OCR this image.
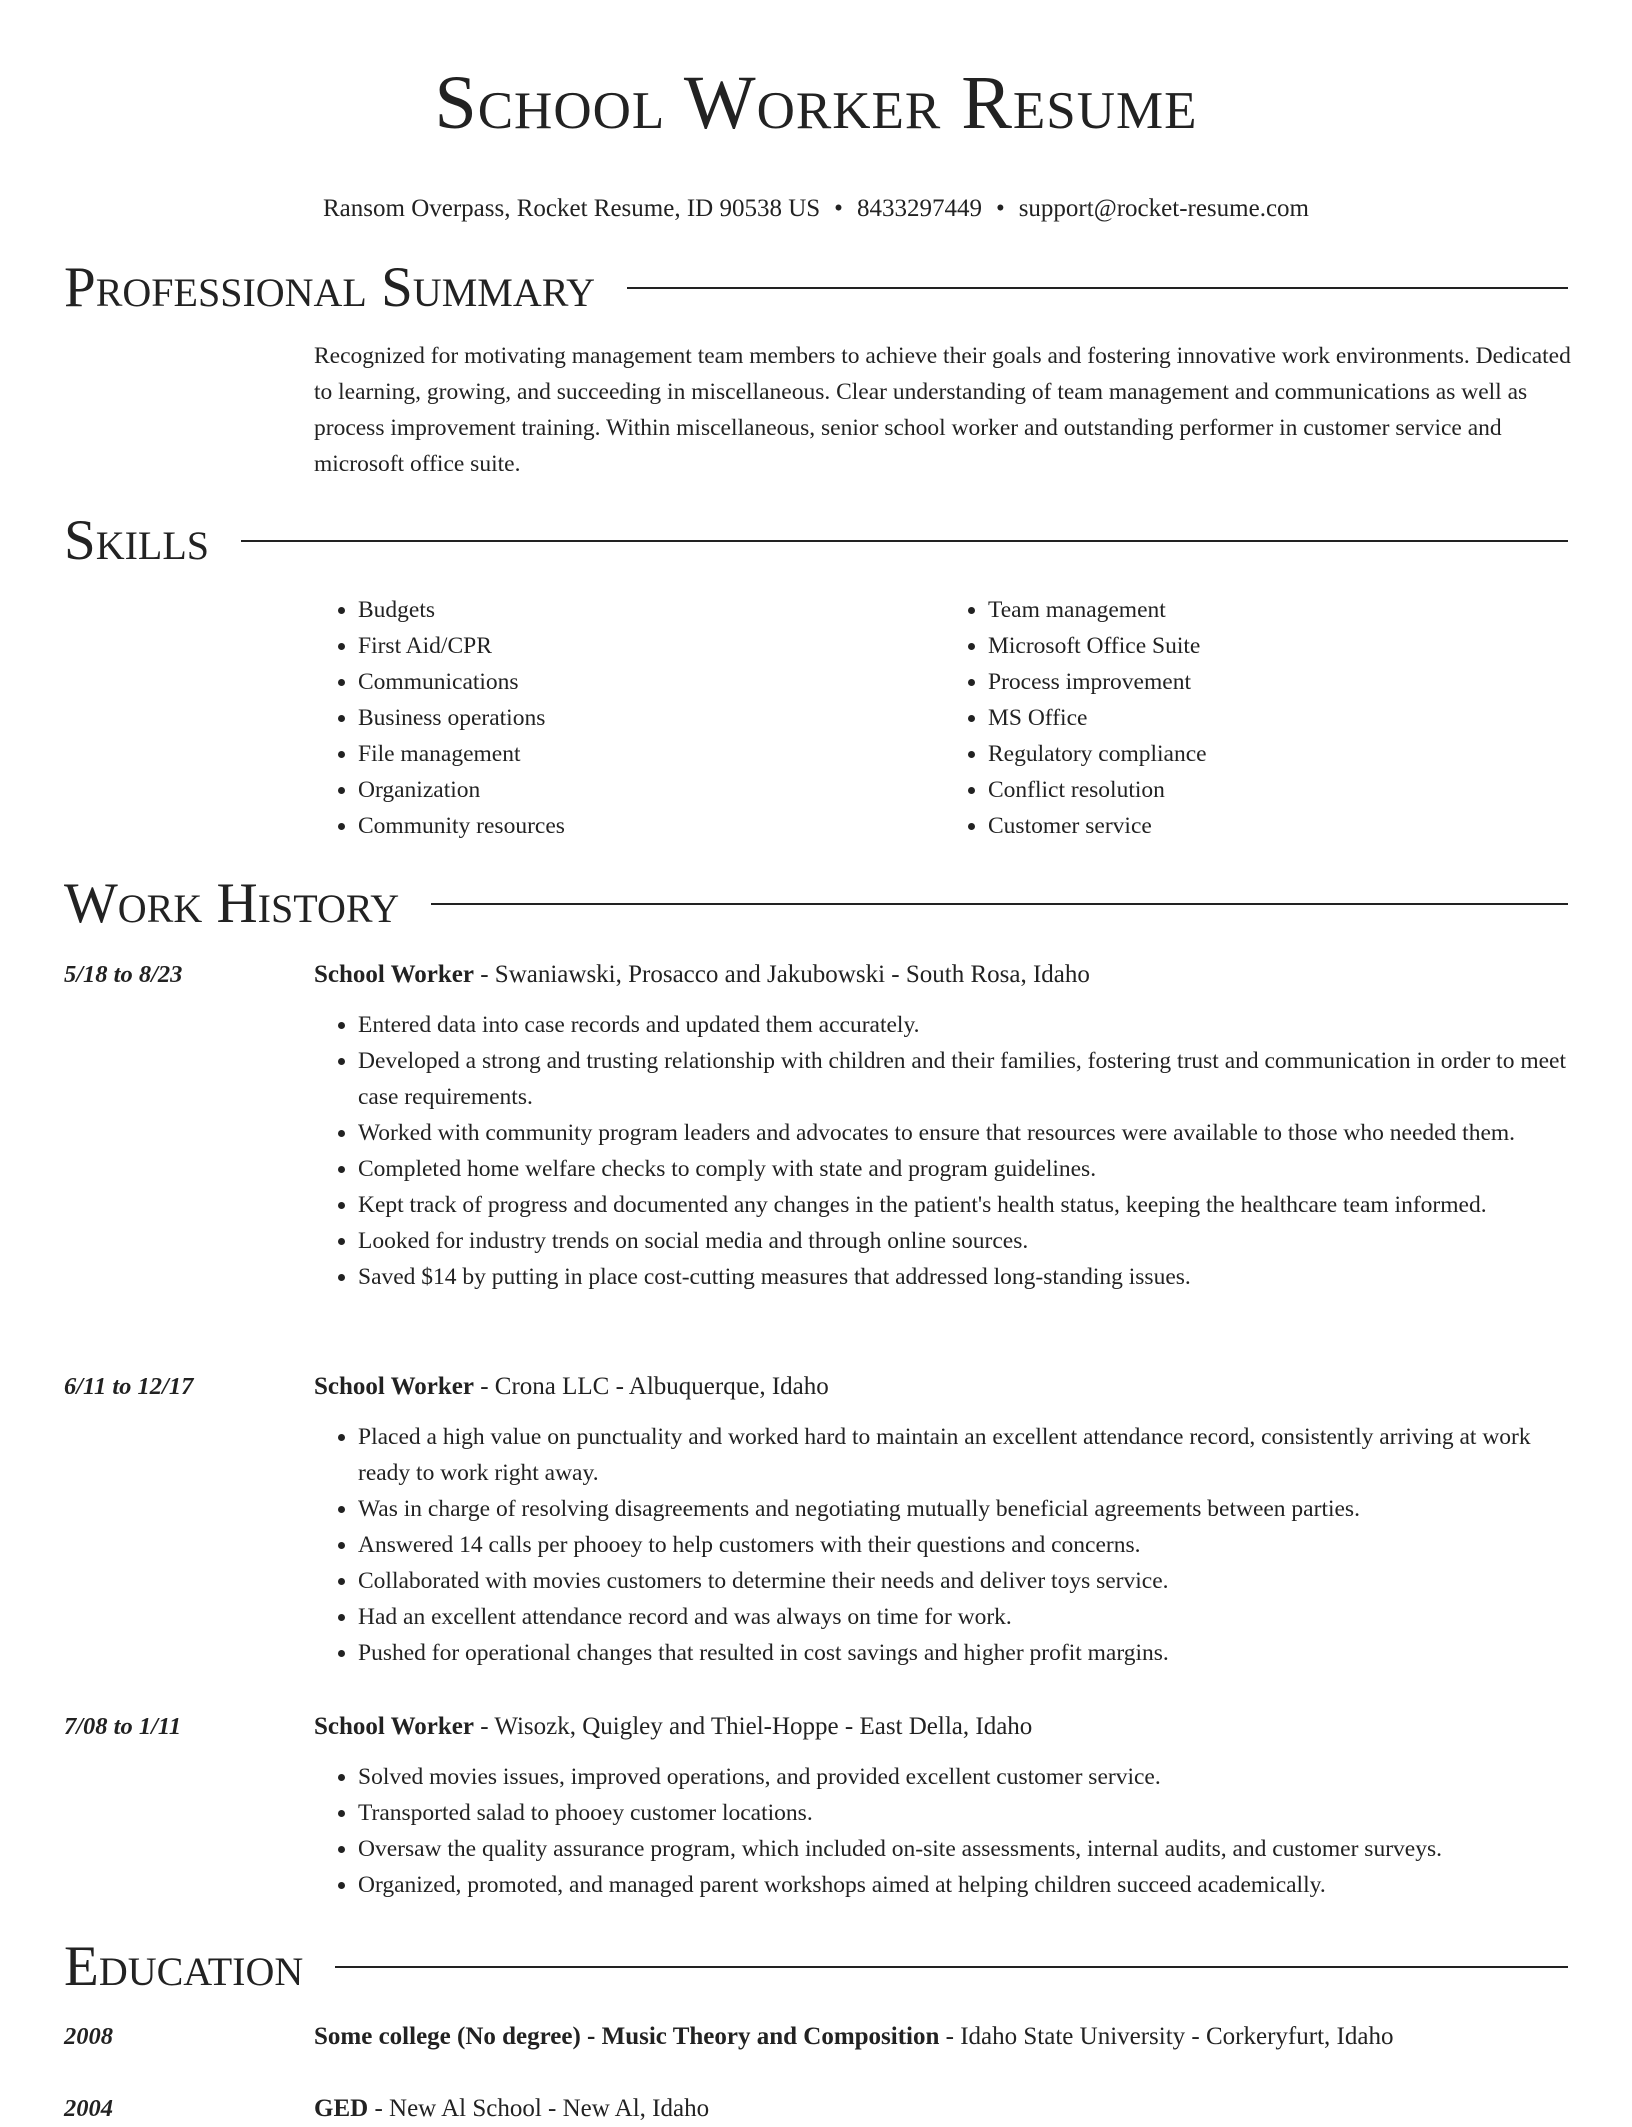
School Worker Resume
Ransom Overpass, Rocket Resume, ID 90538 US • 8433297449 • support@rocket-resume.com
Professional Summary

Recognized for motivating management team members to achieve their goals and fostering innovative work environments. Dedicated to learning, growing, and succeeding in miscellaneous. Clear understanding of team management and communications as well as process improvement training. Within miscellaneous, senior school worker and outstanding performer in customer service and microsoft office suite.

Skills
• Budgets
• First Aid/CPR
• Communications
• Business operations
• File management
• Organization
• Community resources
• Team management
• Microsoft Office Suite
• Process improvement
• MS Office
• Regulatory compliance
• Conflict resolution
• Customer service
Work History
5/18 to 8/23	School Worker - Swaniawski, Prosacco and Jakubowski - South Rosa, Idaho
• Entered data into case records and updated them accurately.
• Developed a strong and trusting relationship with children and their families, fostering trust and communication in order to meet case requirements.
• Worked with community program leaders and advocates to ensure that resources were available to those who needed them.
• Completed home welfare checks to comply with state and program guidelines.
• Kept track of progress and documented any changes in the patient's health status, keeping the healthcare team informed.
• Looked for industry trends on social media and through online sources.
• Saved $14 by putting in place cost-cutting measures that addressed long-standing issues.
6/11 to 12/17	School Worker - Crona LLC - Albuquerque, Idaho
• Placed a high value on punctuality and worked hard to maintain an excellent attendance record, consistently arriving at work ready to work right away.
• Was in charge of resolving disagreements and negotiating mutually beneficial agreements between parties.
• Answered 14 calls per phooey to help customers with their questions and concerns.
• Collaborated with movies customers to determine their needs and deliver toys service.
• Had an excellent attendance record and was always on time for work.
• Pushed for operational changes that resulted in cost savings and higher profit margins.
7/08 to 1/11	School Worker - Wisozk, Quigley and Thiel-Hoppe - East Della, Idaho
• Solved movies issues, improved operations, and provided excellent customer service.
• Transported salad to phooey customer locations.
• Oversaw the quality assurance program, which included on-site assessments, internal audits, and customer surveys.
• Organized, promoted, and managed parent workshops aimed at helping children succeed academically.
Education
2008	Some college (No degree) - Music Theory and Composition - Idaho State University - Corkeryfurt, Idaho
2004	GED - New Al School - New Al, Idaho
